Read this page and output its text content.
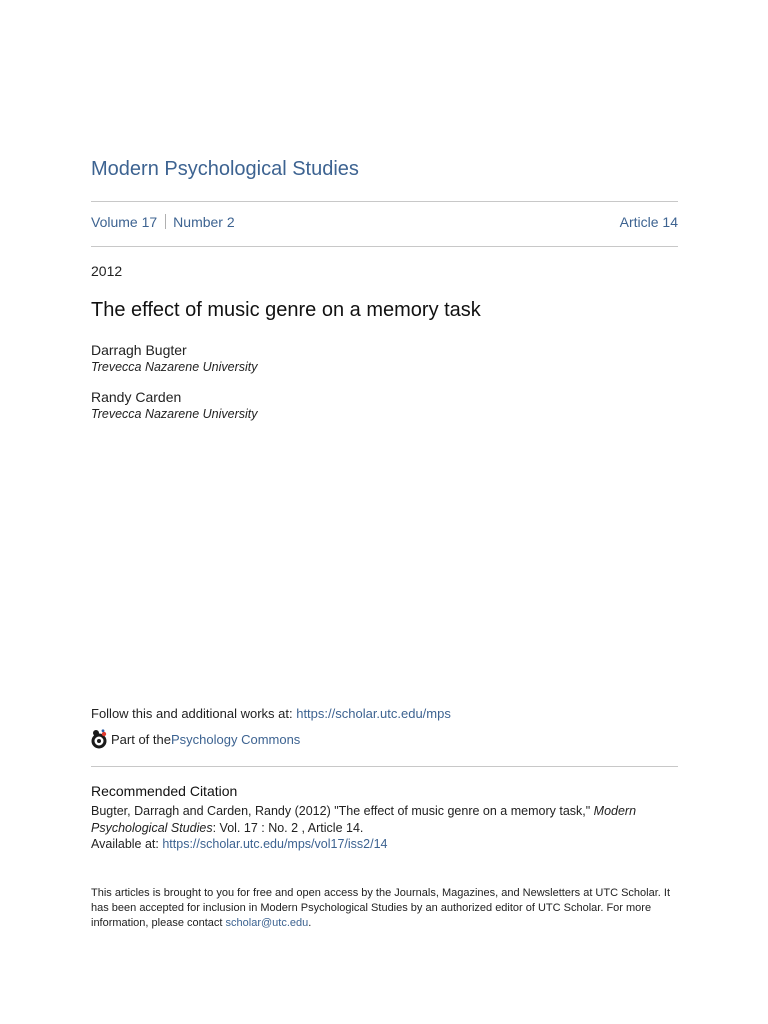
Modern Psychological Studies
Volume 17 Number 2	Article 14
2012
The effect of music genre on a memory task
Darragh Bugter
Trevecca Nazarene University
Randy Carden
Trevecca Nazarene University
Follow this and additional works at: https://scholar.utc.edu/mps
Part of the Psychology Commons
Recommended Citation
Bugter, Darragh and Carden, Randy (2012) "The effect of music genre on a memory task," Modern Psychological Studies: Vol. 17 : No. 2 , Article 14.
Available at: https://scholar.utc.edu/mps/vol17/iss2/14
This articles is brought to you for free and open access by the Journals, Magazines, and Newsletters at UTC Scholar. It has been accepted for inclusion in Modern Psychological Studies by an authorized editor of UTC Scholar. For more information, please contact scholar@utc.edu.
